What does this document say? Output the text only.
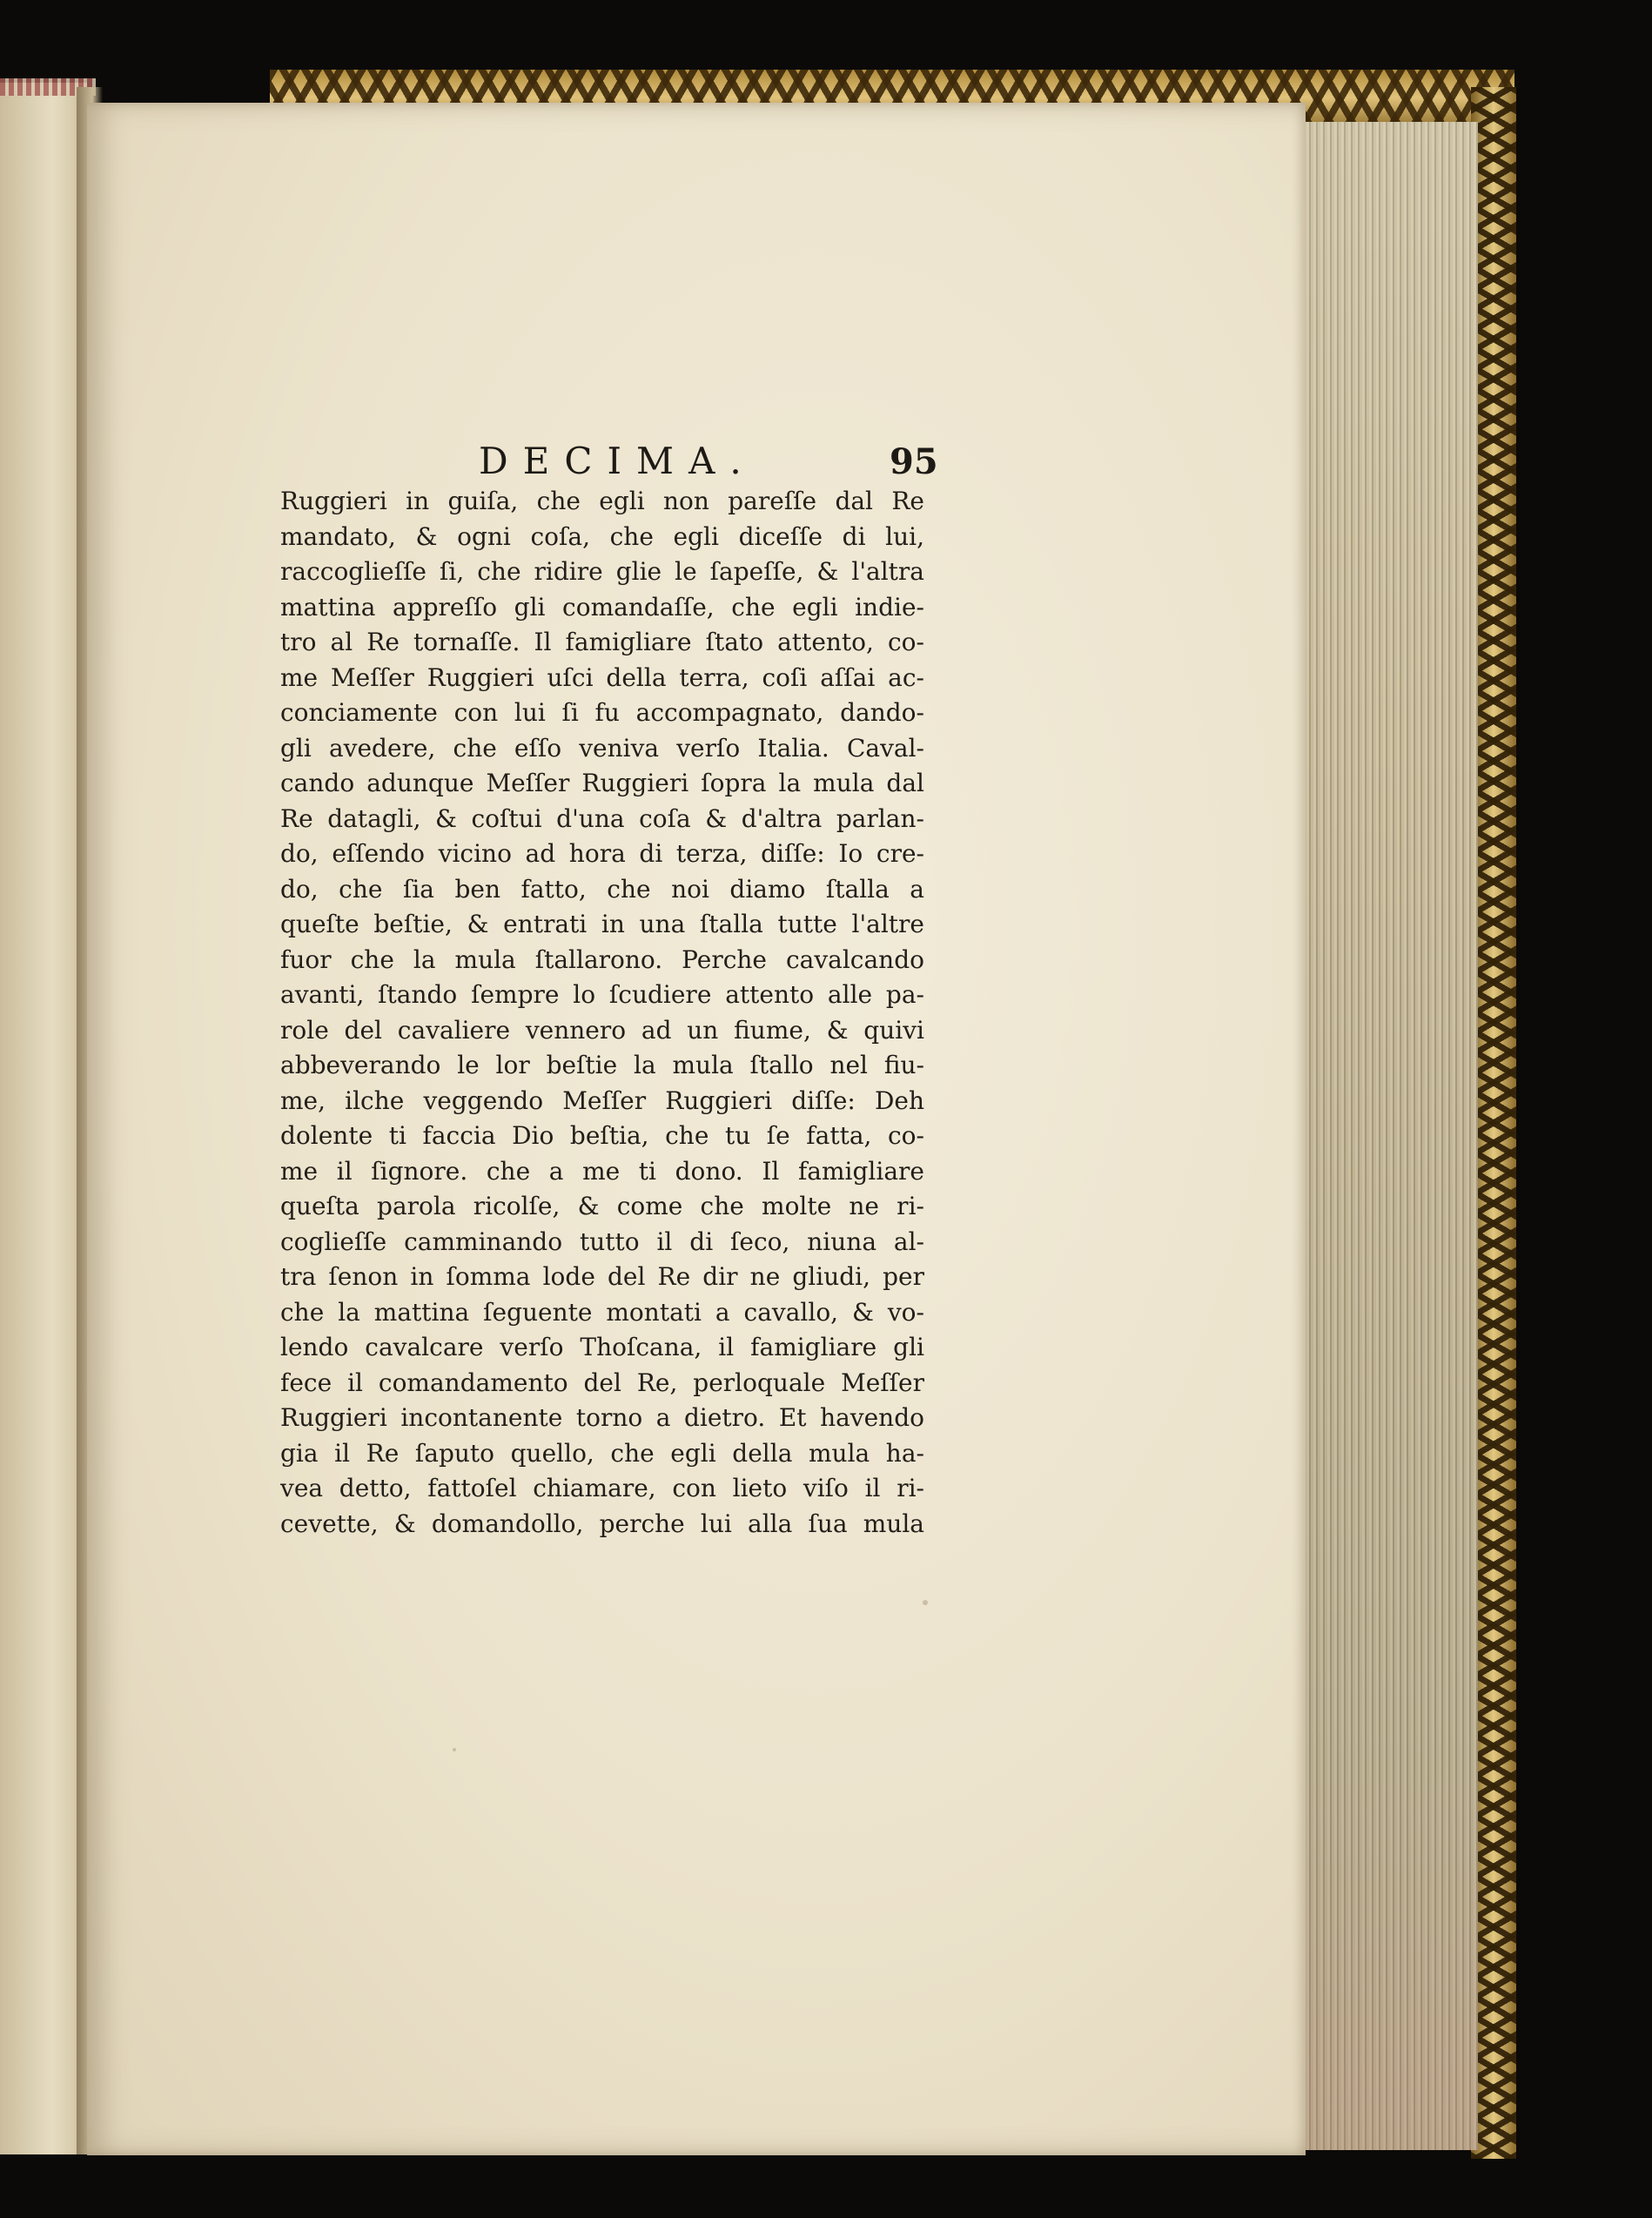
DECIMA.	95
Ruggieri in guiſa, che egli non pareſſe dal Re
mandato, & ogni coſa, che egli diceſſe di lui,
raccoglieſſe ſi, che ridire glie le ſapeſſe, & l'altra
mattina appreſſo gli comandaſſe, che egli indie-
tro al Re tornaſſe. Il famigliare ſtato attento, co-
me Meſſer Ruggieri uſci della terra, coſi aſſai ac-
conciamente con lui ſi fu accompagnato, dando-
gli avedere, che eſſo veniva verſo Italia. Caval-
cando adunque Meſſer Ruggieri ſopra la mula dal
Re datagli, & coſtui d'una coſa & d'altra parlan-
do, eſſendo vicino ad hora di terza, diſſe: Io cre-
do, che ſia ben fatto, che noi diamo ſtalla a
queſte beſtie, & entrati in una ſtalla tutte l'altre
fuor che la mula ſtallarono. Perche cavalcando
avanti, ſtando ſempre lo ſcudiere attento alle pa-
role del cavaliere vennero ad un fiume, & quivi
abbeverando le lor beſtie la mula ſtallo nel fiu-
me, ilche veggendo Meſſer Ruggieri diſſe: Deh
dolente ti faccia Dio beſtia, che tu ſe fatta, co-
me il ſignore. che a me ti dono. Il famigliare
queſta parola ricolſe, & come che molte ne ri-
coglieſſe camminando tutto il di ſeco, niuna al-
tra ſenon in ſomma lode del Re dir ne gliudi, per
che la mattina ſeguente montati a cavallo, & vo-
lendo cavalcare verſo Thoſcana, il famigliare gli
fece il comandamento del Re, perloquale Meſſer
Ruggieri incontanente torno a dietro. Et havendo
gia il Re ſaputo quello, che egli della mula ha-
vea detto, fattoſel chiamare, con lieto viſo il ri-
cevette, & domandollo, perche lui alla ſua mula
